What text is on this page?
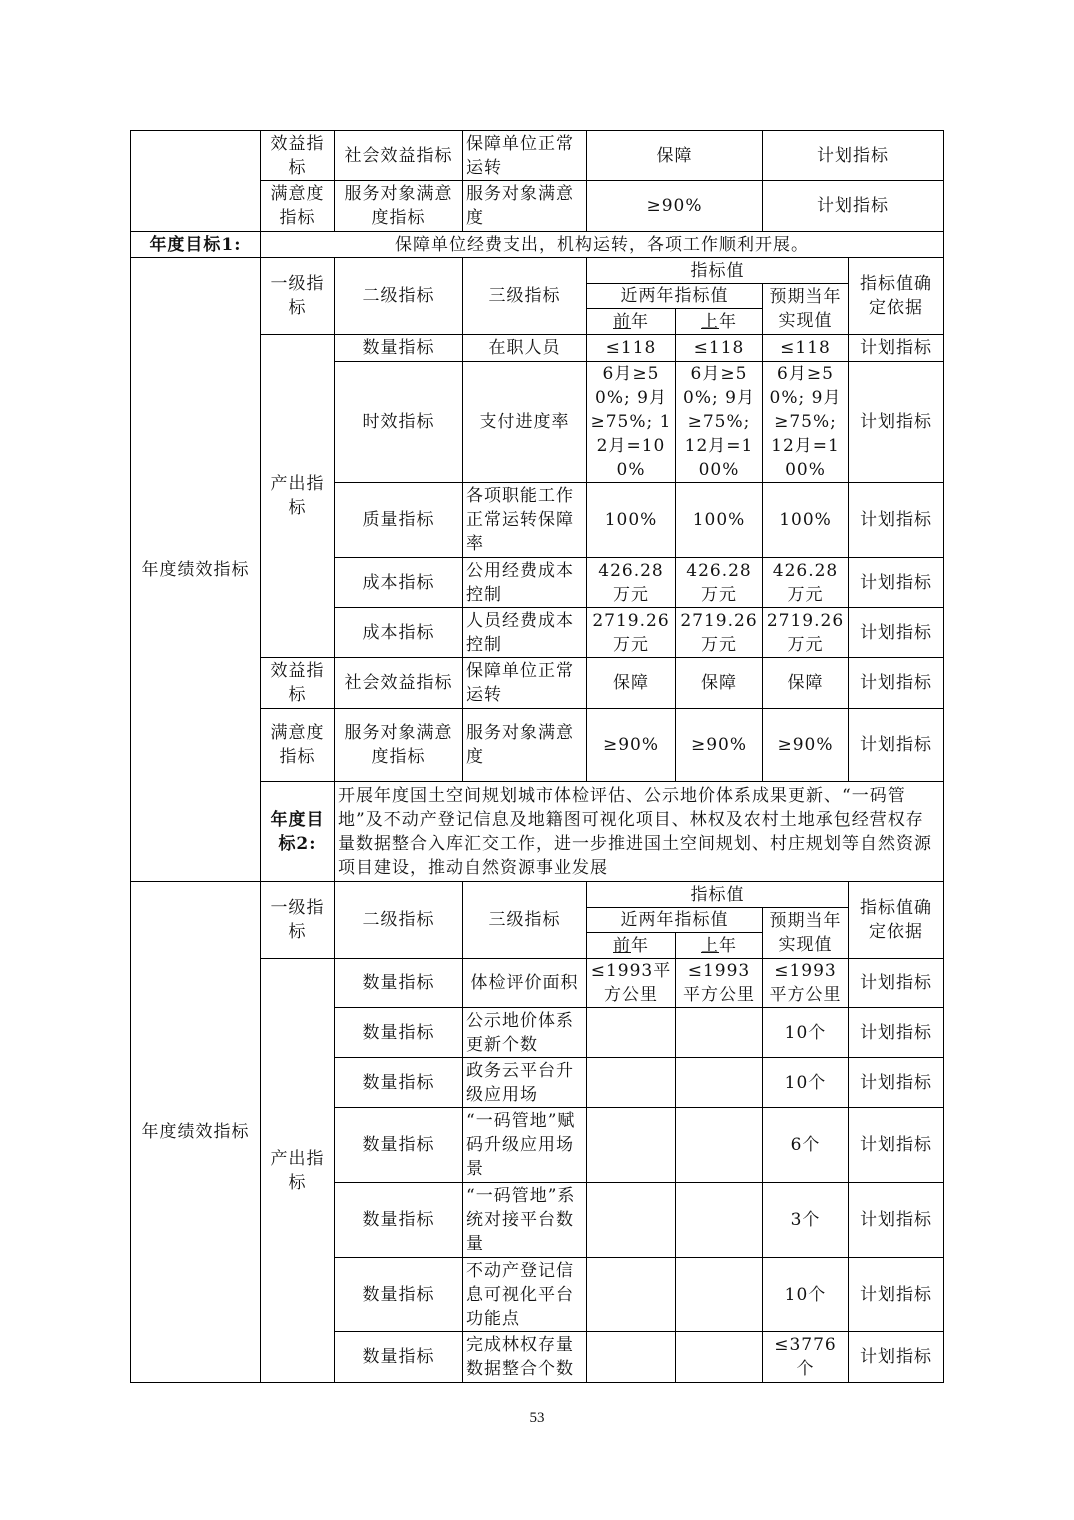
	效益指标	社会效益指标	保障单位正常运转	保障	计划指标
	满意度指标	服务对象满意度指标	服务对象满意度	≥90%	计划指标
年度目标1:	保障单位经费支出，机构运转，各项工作顺利开展。						
年度绩效指标	一级指标	二级指标	三级指标	指标值			指标值确定依据
				近两年指标值		预期当年实现值	
				前年	上年		
	产出指标	数量指标	在职人员	≤118	≤118	≤118	计划指标
		时效指标	支付进度率	6月≥50%; 9月≥75%; 12月=100%	6月≥50%; 9月≥75%; 12月=100%	6月≥50%; 9月≥75%; 12月=100%	计划指标
		质量指标	各项职能工作正常运转保障率	100%	100%	100%	计划指标
		成本指标	公用经费成本控制	426.28万元	426.28万元	426.28万元	计划指标
		成本指标	人员经费成本控制	2719.26万元	2719.26万元	2719.26万元	计划指标
	效益指标	社会效益指标	保障单位正常运转	保障	保障	保障	计划指标
	满意度指标	服务对象满意度指标	服务对象满意度	≥90%	≥90%	≥90%	计划指标
	年度目标2:	开展年度国土空间规划城市体检评估、公示地价体系成果更新、“一码管地”及不动产登记信息及地籍图可视化项目、林权及农村土地承包经营权存量数据整合入库汇交工作，进一步推进国土空间规划、村庄规划等自然资源项目建设，推动自然资源事业发展					
年度绩效指标	一级指标	二级指标	三级指标	指标值			指标值确定依据
				近两年指标值		预期当年实现值	
				前年	上年		
	产出指标	数量指标	体检评价面积	≤1993平方公里	≤1993平方公里	≤1993平方公里	计划指标
		数量指标	公示地价体系更新个数			10个	计划指标
		数量指标	政务云平台升级应用场			10个	计划指标
		数量指标	“一码管地”赋码升级应用场景			6个	计划指标
		数量指标	“一码管地”系统对接平台数量			3个	计划指标
		数量指标	不动产登记信息可视化平台功能点			10个	计划指标
		数量指标	完成林权存量数据整合个数			≤3776个	计划指标
53
